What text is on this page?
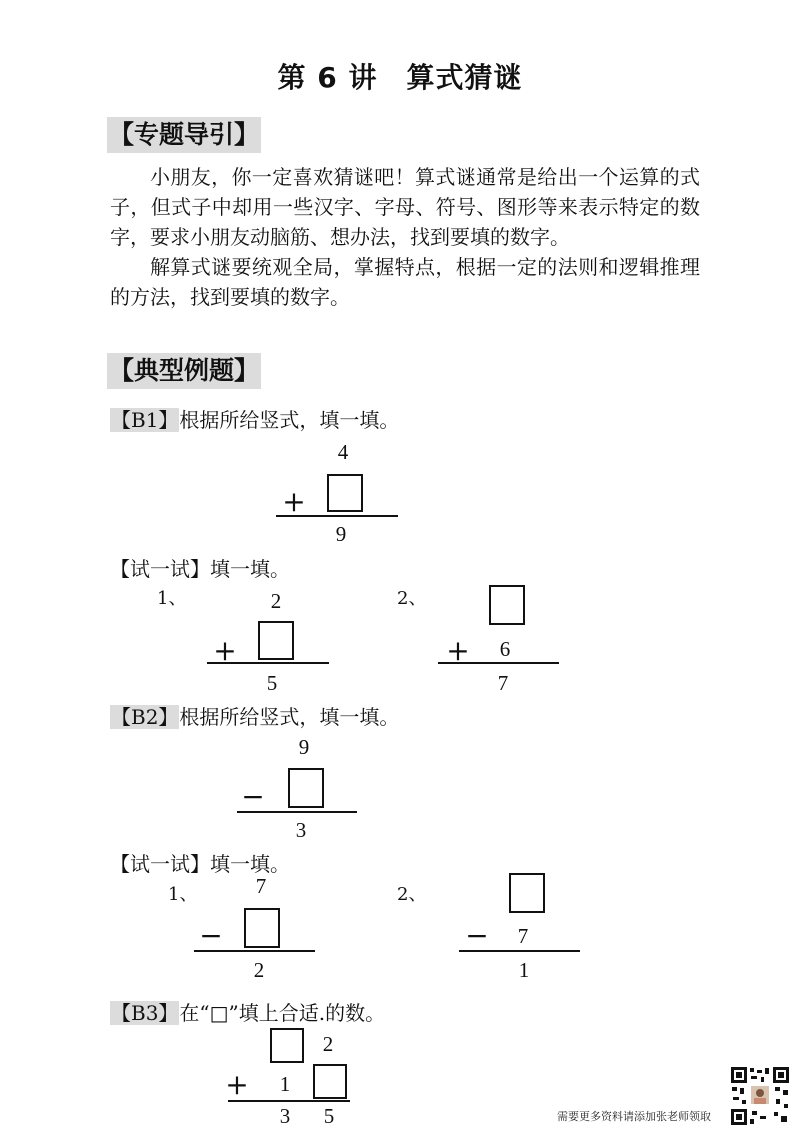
第 6 讲　算式猜谜
【专题导引】

小朋友，你一定喜欢猜谜吧！算式谜通常是给出一个运算的式子，但式子中却用一些汉字、字母、符号、图形等来表示特定的数字，要求小朋友动脑筋、想办法，找到要填的数字。

解算式谜要统观全局，掌握特点，根据一定的法则和逻辑推理的方法，找到要填的数字。

【典型例题】
【B1】根据所给竖式，填一填。
4
+
9
【试一试】填一填。
1、	2
+
5
2、
+	6
7
【B2】根据所给竖式，填一填。
9
−
3
【试一试】填一填。
1、	7
−
2
2、
−	7
1
【B3】在“□”填上合适.的数。
2
+	1
3	5	需要更多资料请添加张老师领取
